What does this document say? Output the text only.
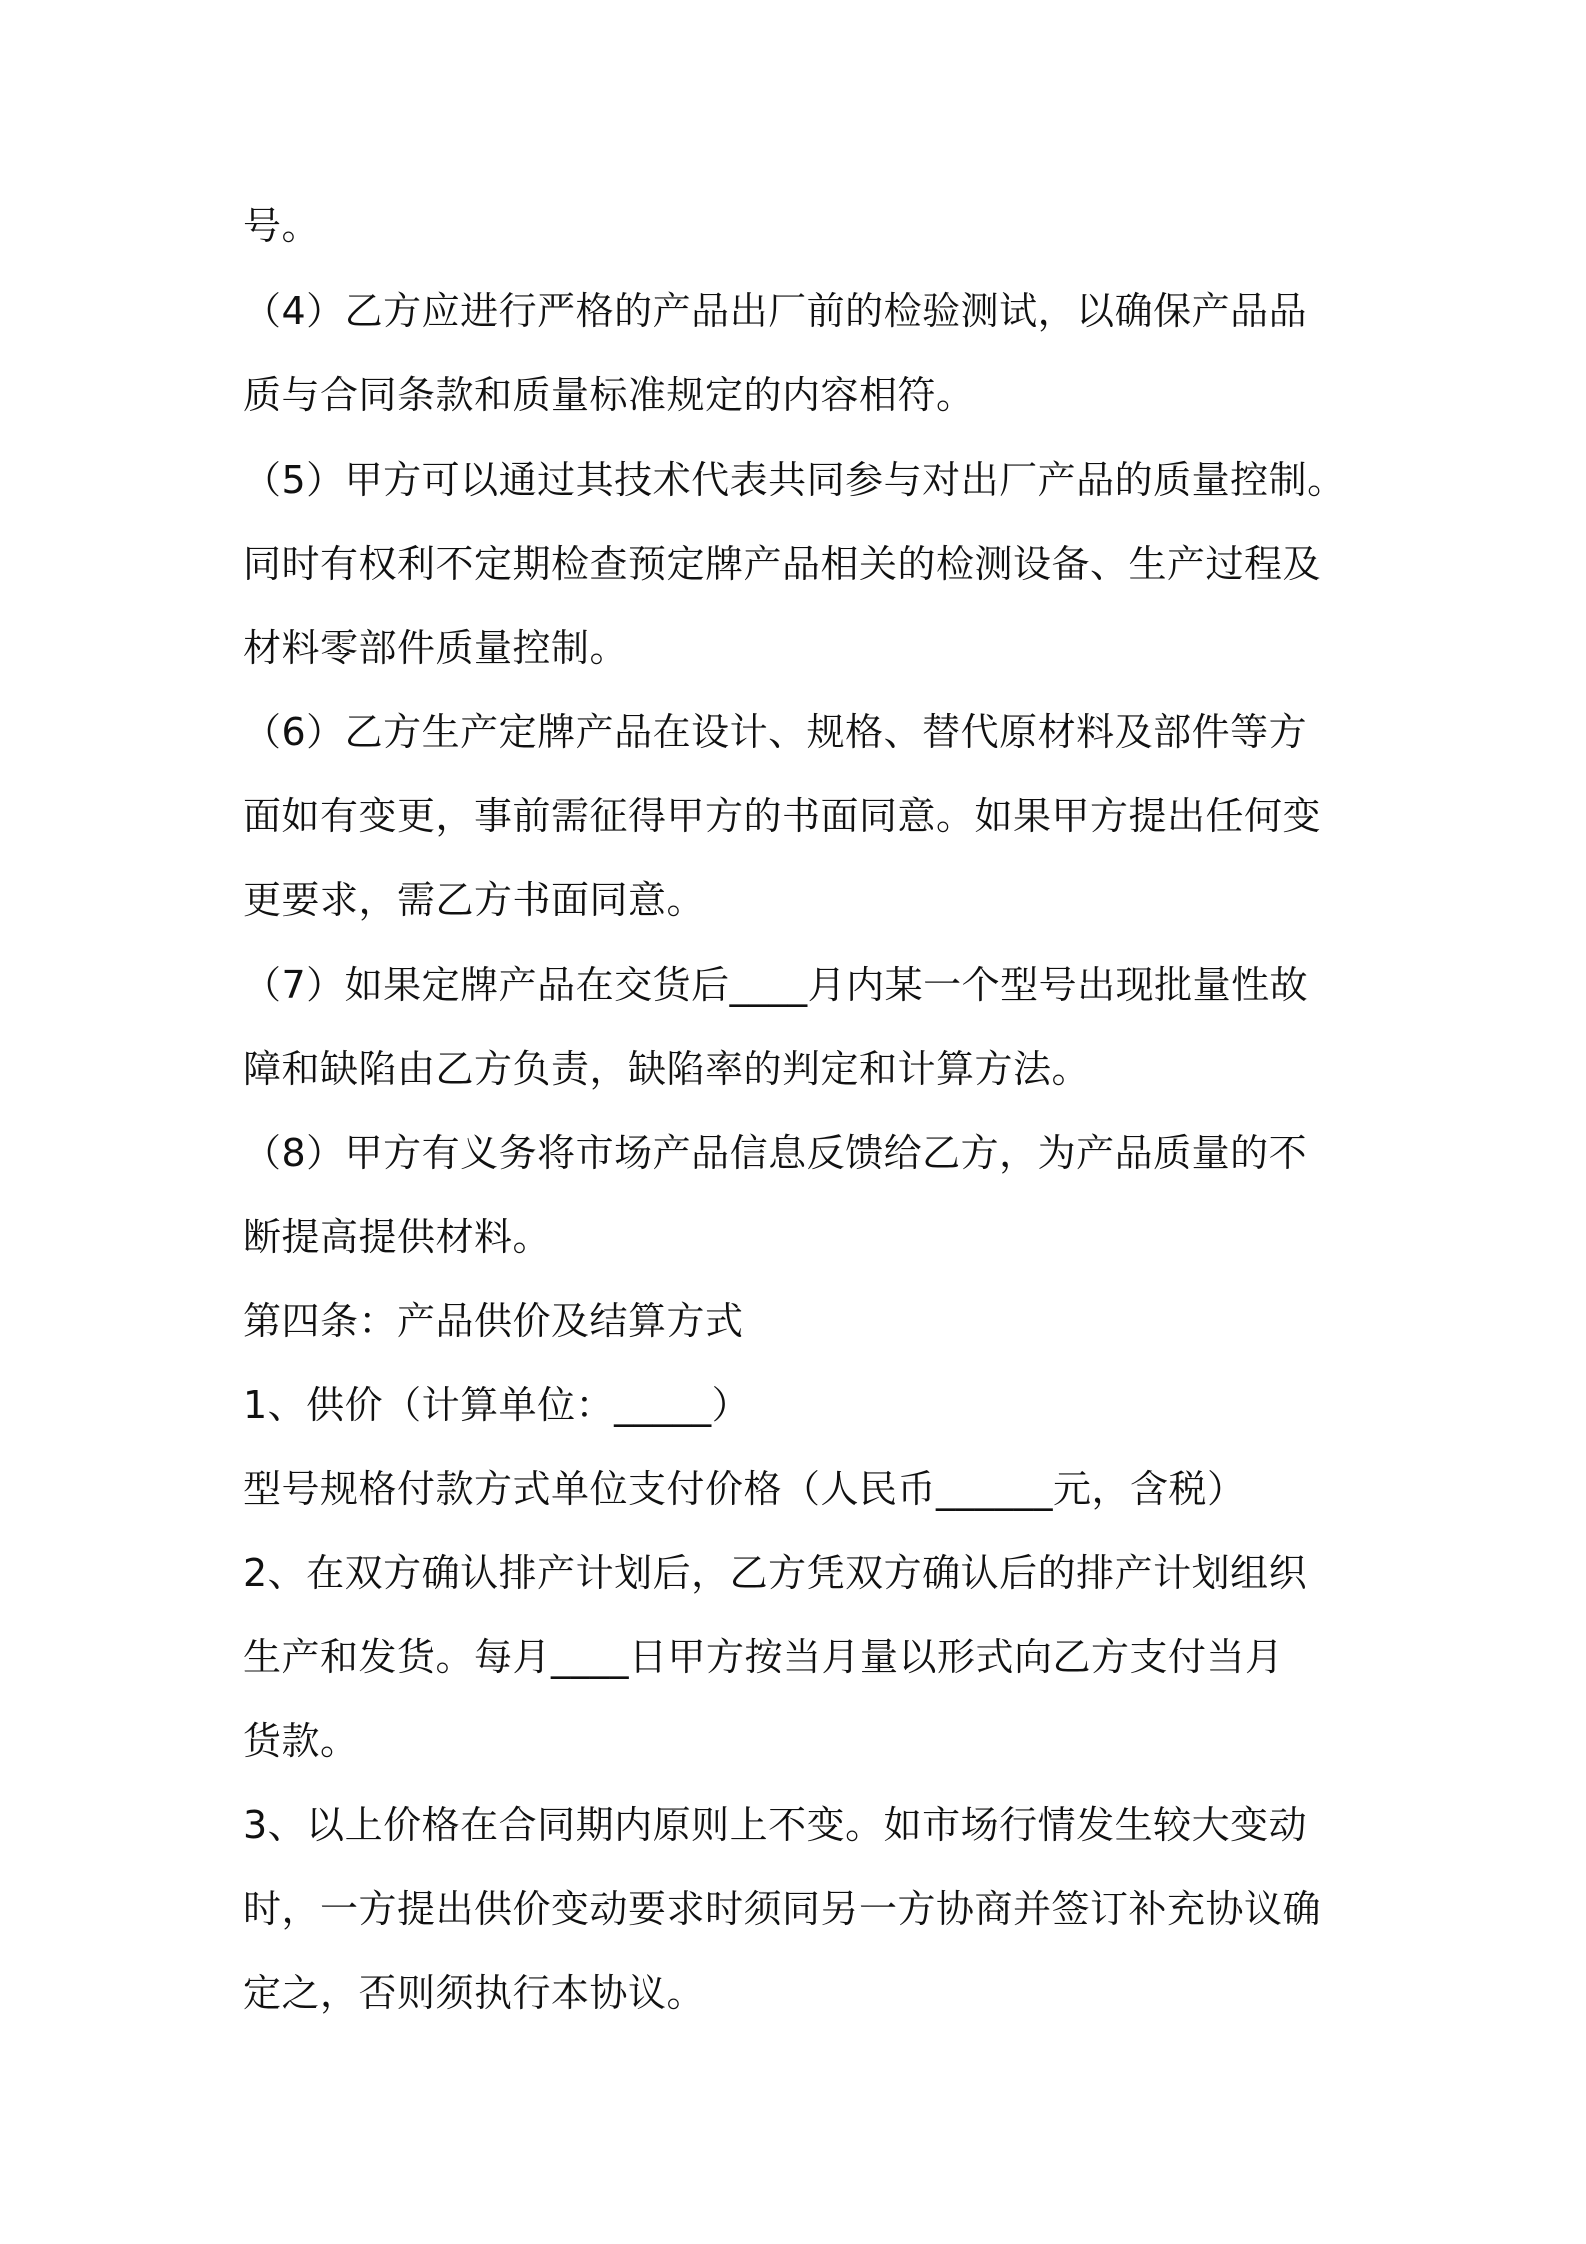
号。
（4）乙方应进行严格的产品出厂前的检验测试，以确保产品品
质与合同条款和质量标准规定的内容相符。
（5）甲方可以通过其技术代表共同参与对出厂产品的质量控制。
同时有权利不定期检查预定牌产品相关的检测设备、生产过程及
材料零部件质量控制。
（6）乙方生产定牌产品在设计、规格、替代原材料及部件等方
面如有变更，事前需征得甲方的书面同意。如果甲方提出任何变
更要求，需乙方书面同意。
（7）如果定牌产品在交货后____月内某一个型号出现批量性故
障和缺陷由乙方负责，缺陷率的判定和计算方法。
（8）甲方有义务将市场产品信息反馈给乙方，为产品质量的不
断提高提供材料。
第四条：产品供价及结算方式
1、供价（计算单位：_____）
型号规格付款方式单位支付价格（人民币______元，含税）
2、在双方确认排产计划后，乙方凭双方确认后的排产计划组织
生产和发货。每月____日甲方按当月量以形式向乙方支付当月
货款。
3、以上价格在合同期内原则上不变。如市场行情发生较大变动
时，一方提出供价变动要求时须同另一方协商并签订补充协议确
定之，否则须执行本协议。
